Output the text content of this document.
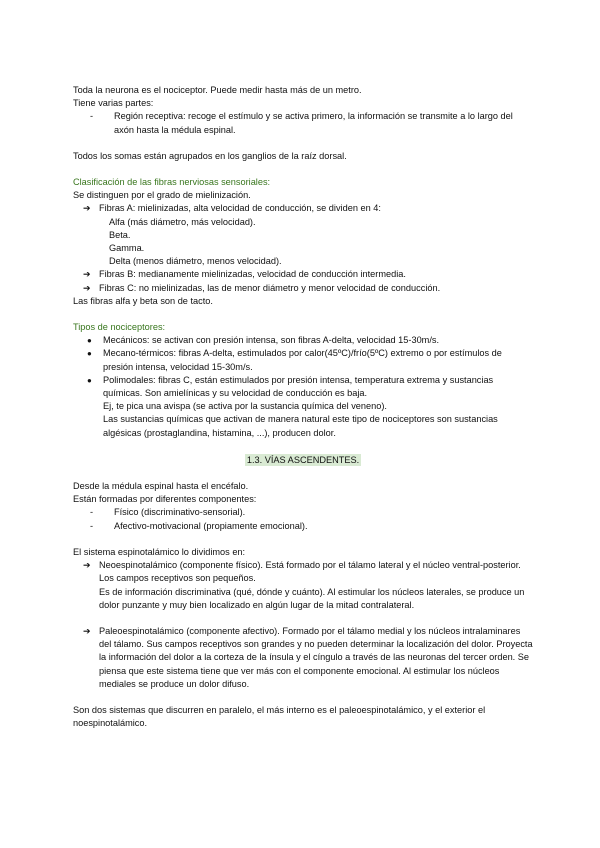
Toda la neurona es el nociceptor. Puede medir hasta más de un metro.

Tiene varias partes:

-	Región receptiva: recoge el estímulo y se activa primero, la información se transmite a lo largo del axón hasta la médula espinal.

Todos los somas están agrupados en los ganglios de la raíz dorsal.

Clasificación de las fibras nerviosas sensoriales:

Se distinguen por el grado de mielinización.

➔ Fibras A: mielinizadas, alta velocidad de conducción, se dividen en 4:

Alfa (más diámetro, más velocidad).

Beta.

Gamma.

Delta (menos diámetro, menos velocidad).

➔ Fibras B: medianamente mielinizadas, velocidad de conducción intermedia.
➔ Fibras C: no mielinizadas, las de menor diámetro y menor velocidad de conducción.

Las fibras alfa y beta son de tacto.

Tipos de nociceptores:

●	Mecánicos: se activan con presión intensa, son fibras A-delta, velocidad 15-30m/s.
●	Mecano-térmicos: fibras A-delta, estimulados por calor(45ºC)/frío(5ºC) extremo o por estímulos de presión intensa, velocidad 15-30m/s.
●	Polimodales: fibras C, están estimulados por presión intensa, temperatura extrema y sustancias químicas. Son amielínicas y su velocidad de conducción es baja.
Ej, te pica una avispa (se activa por la sustancia química del veneno).
Las sustancias químicas que activan de manera natural este tipo de nociceptores son sustancias algésicas (prostaglandina, histamina, ...), producen dolor.

1.3. VÍAS ASCENDENTES.

Desde la médula espinal hasta el encéfalo.

Están formadas por diferentes componentes:

-	Físico (discriminativo-sensorial).
-	Afectivo-motivacional (propiamente emocional).

El sistema espinotalámico lo dividimos en:

➔ Neoespinotalámico (componente físico). Está formado por el tálamo lateral y el núcleo ventral-posterior. Los campos receptivos son pequeños.
Es de información discriminativa (qué, dónde y cuánto). Al estimular los núcleos laterales, se produce un dolor punzante y muy bien localizado en algún lugar de la mitad contralateral.
➔ Paleoespinotalámico (componente afectivo). Formado por el tálamo medial y los núcleos intralaminares del tálamo. Sus campos receptivos son grandes y no pueden determinar la localización del dolor. Proyecta la información del dolor a la corteza de la ínsula y el cíngulo a través de las neuronas del tercer orden. Se piensa que este sistema tiene que ver más con el componente emocional. Al estimular los núcleos mediales se produce un dolor difuso.

Son dos sistemas que discurren en paralelo, el más interno es el paleoespinotalámico, y el exterior el noespinotalámico.
